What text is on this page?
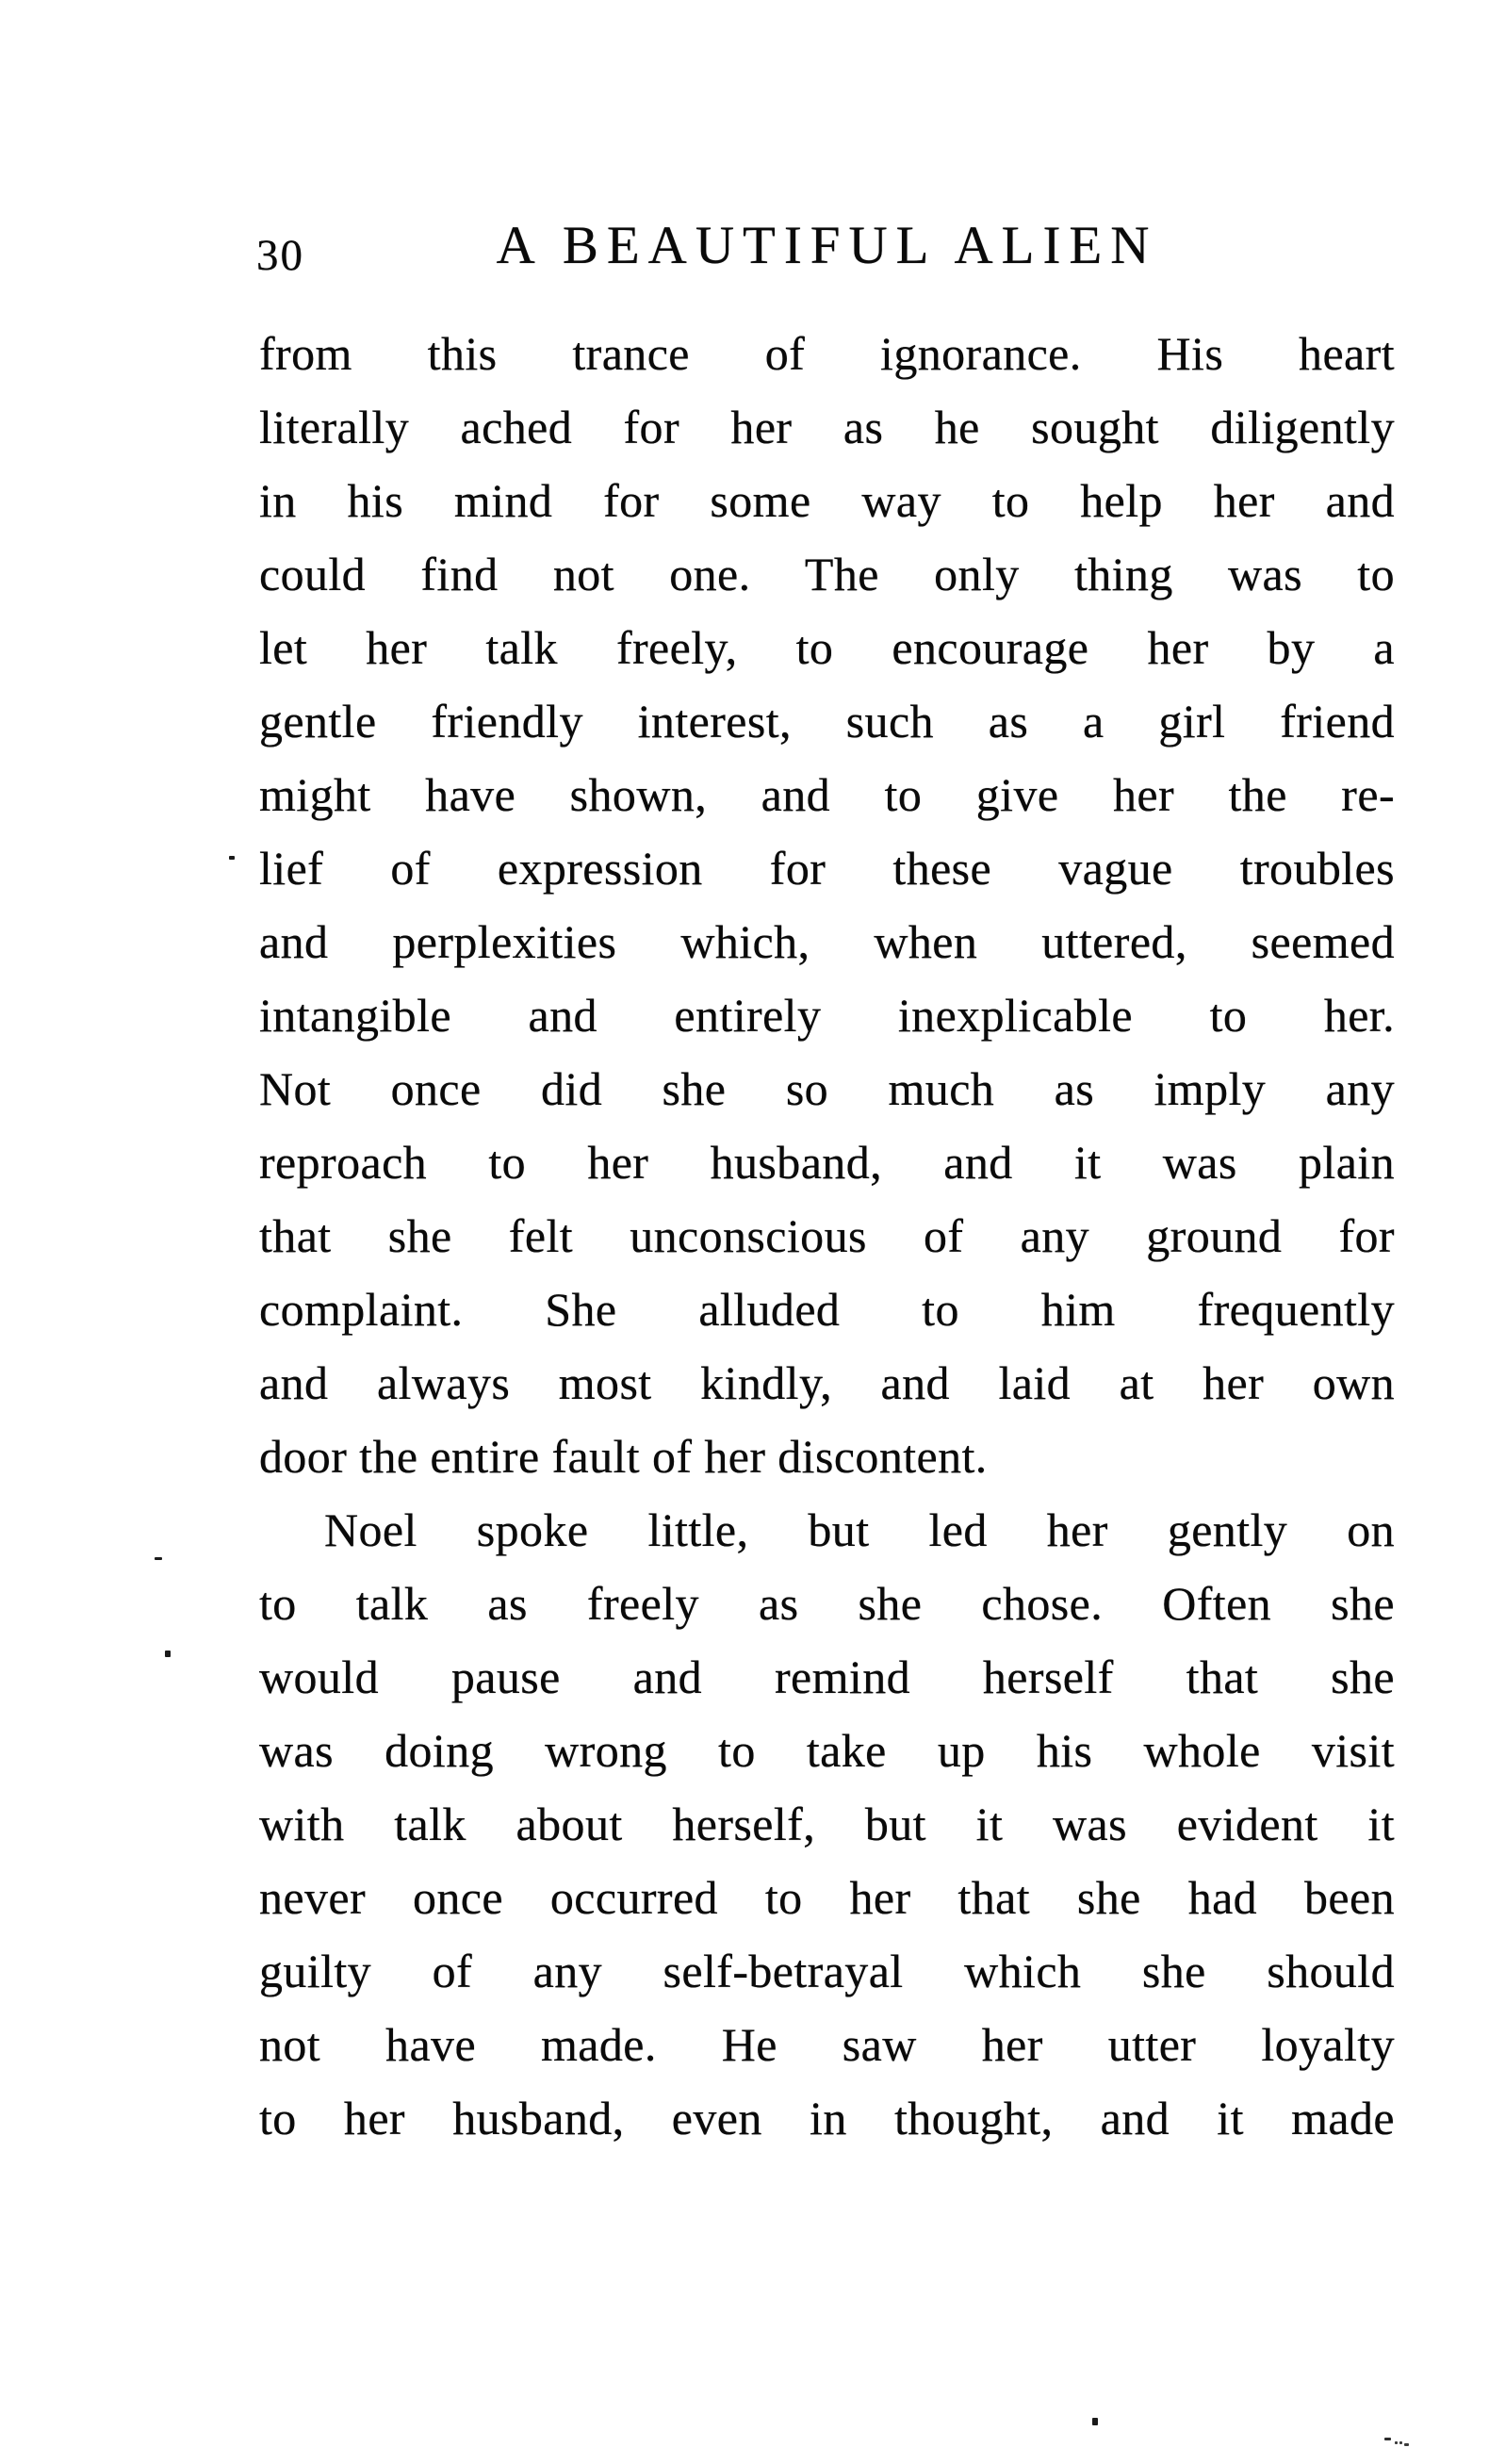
30	A BEAUTIFUL ALIEN
from this trance of ignorance. His heart
literally ached for her as he sought diligently
in his mind for some way to help her and
could find not one. The only thing was to
let her talk freely, to encourage her by a
gentle friendly interest, such as a girl friend
might have shown, and to give her the re-
lief of expression for these vague troubles
and perplexities which, when uttered, seemed
intangible and entirely inexplicable to her.
Not once did she so much as imply any
reproach to her husband, and it was plain
that she felt unconscious of any ground for
complaint. She alluded to him frequently
and always most kindly, and laid at her own
door the entire fault of her discontent.
Noel spoke little, but led her gently on
to talk as freely as she chose. Often she
would pause and remind herself that she
was doing wrong to take up his whole visit
with talk about herself, but it was evident it
never once occurred to her that she had been
guilty of any self-betrayal which she should
not have made. He saw her utter loyalty
to her husband, even in thought, and it made
